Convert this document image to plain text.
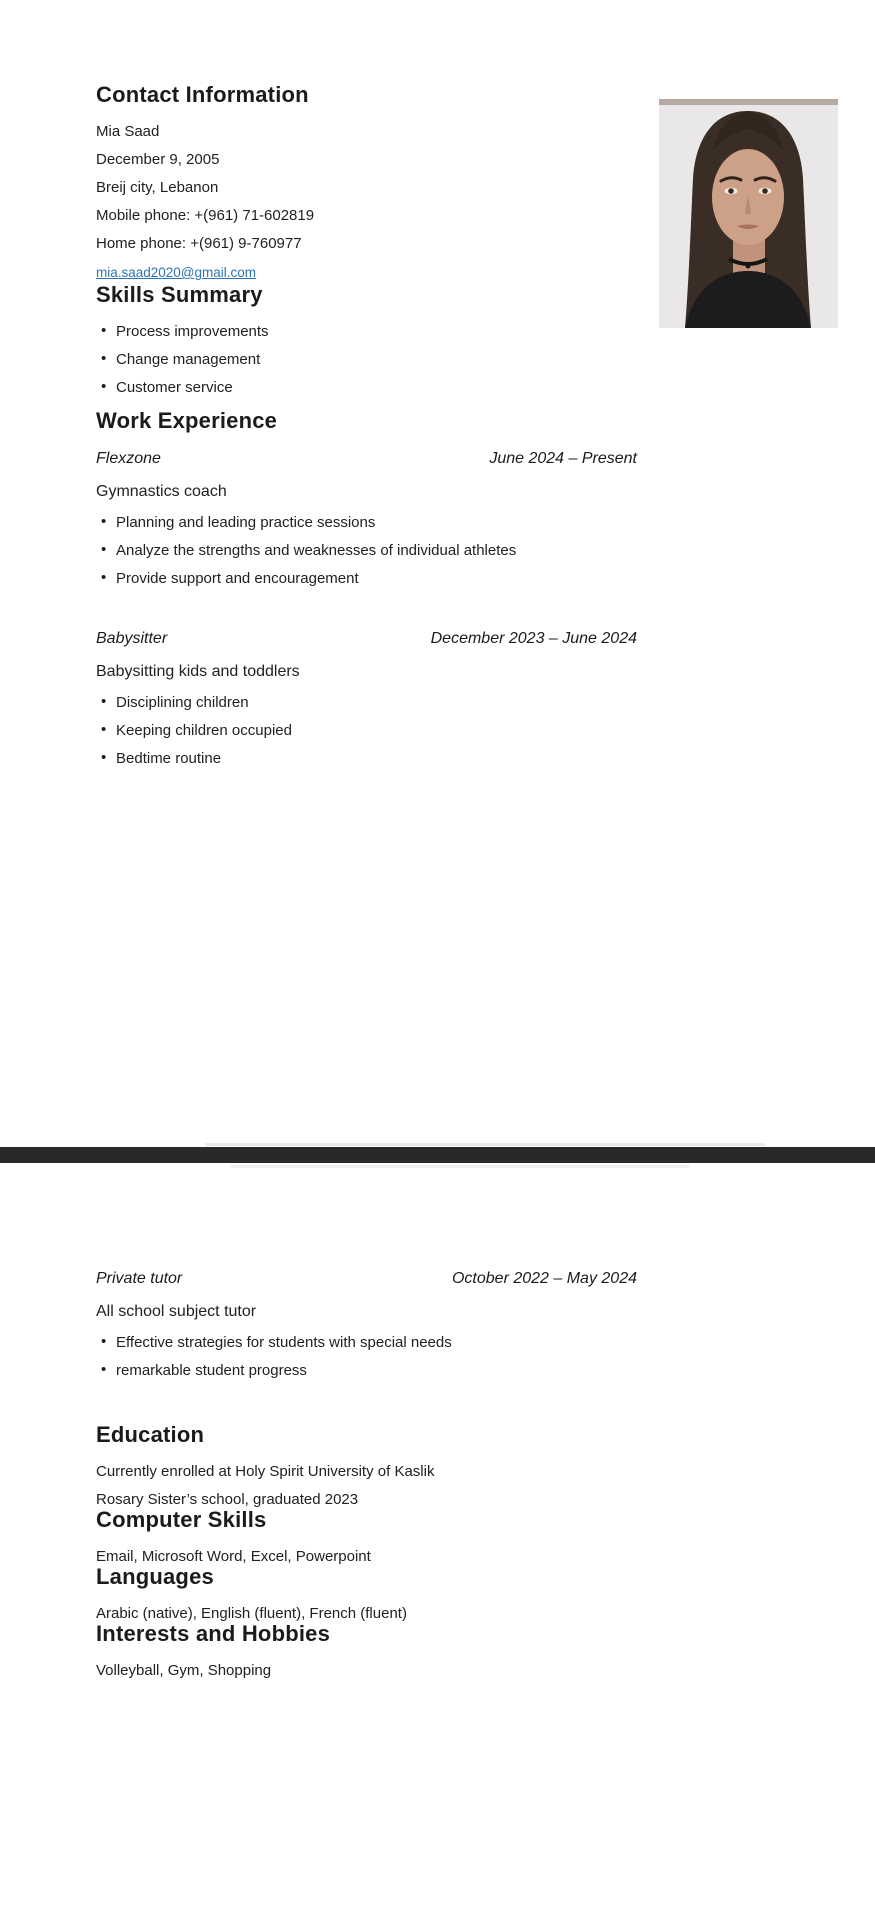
Contact Information

Mia Saad

December 9, 2005

Breij city, Lebanon

Mobile phone: +(961) 71-602819

Home phone: +(961) 9-760977

mia.saad2020@gmail.com
Skills Summary
• Process improvements
• Change management
• Customer service
Work Experience
Flexzone	June 2024 – Present

Gymnastics coach

• Planning and leading practice sessions
• Analyze the strengths and weaknesses of individual athletes
• Provide support and encouragement
Babysitter	December 2023 – June 2024

Babysitting kids and toddlers

• Disciplining children
• Keeping children occupied
• Bedtime routine
Private tutor	October 2022 – May 2024

All school subject tutor

• Effective strategies for students with special needs
• remarkable student progress
Education

Currently enrolled at Holy Spirit University of Kaslik

Rosary Sister’s school, graduated 2023

Computer Skills

Email, Microsoft Word, Excel, Powerpoint

Languages

Arabic (native), English (fluent), French (fluent)

Interests and Hobbies

Volleyball, Gym, Shopping
